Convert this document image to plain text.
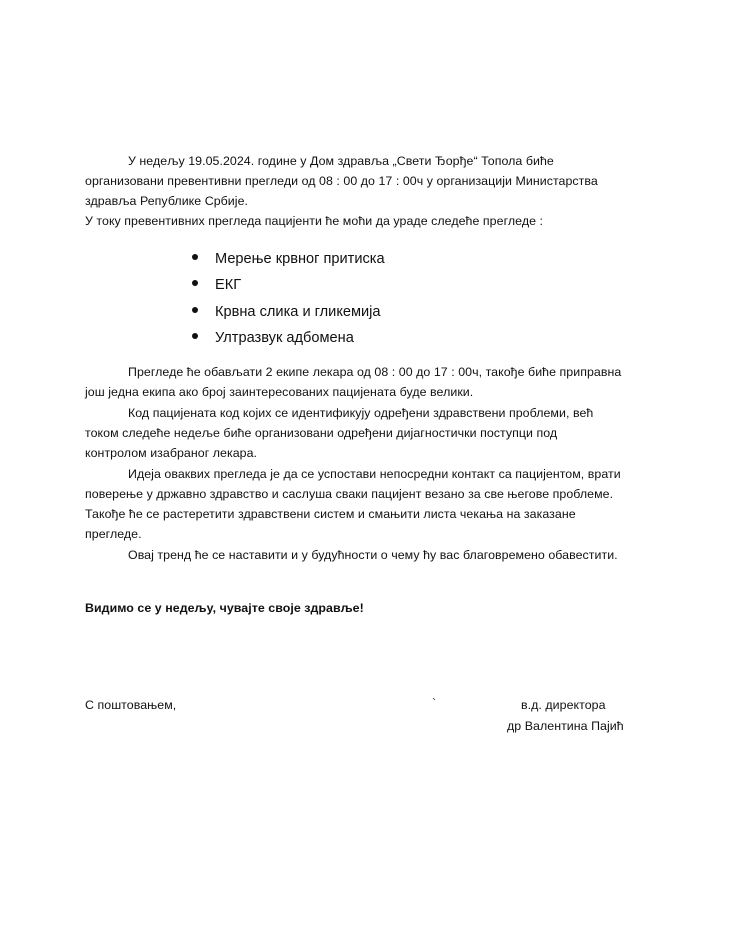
У недељу 19.05.2024. године у Дом здравља „Свети Ђорђе“ Топола биће
организовани превентивни прегледи од 08 : 00 до 17 : 00ч у организацији Министарства
здравља Републике Србије.
У току превентивних прегледа пацијенти ће моћи да ураде следеће прегледе :
Мерење крвног притиска
ЕКГ
Крвна слика и гликемија
Ултразвук адбомена
Прегледе ће обављати 2 екипе лекара од 08 : 00 до 17 : 00ч, такође биће приправна
још једна екипа ако број заинтересованих пацијената буде велики.
Код пацијената код којих се идентификују одређени здравствени проблеми, већ
током следеће недеље биће организовани одређени дијагностички поступци под
контролом изабраног лекара.
Идеја оваквих прегледа је да се успостави непосредни контакт са пацијентом, врати
поверење у државно здравство и саслуша сваки пацијент везано за све његове проблеме.
Такође ће се растеретити здравствени систем и смањити листа чекања на заказане
прегледе.
Овај тренд ће се наставити и у будућности о чему ћу вас благовремено обавестити.
Видимо се у недељу, чувајте своје здравље!
С поштовањем,	`	в.д. директора
др Валентина Пајић
